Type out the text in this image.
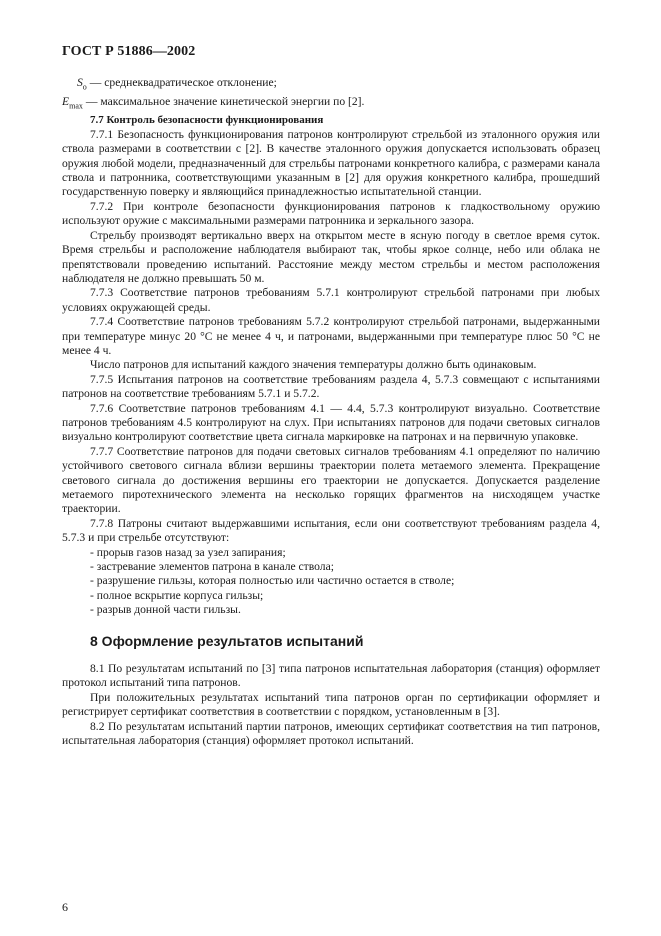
ГОСТ Р 51886—2002
$S_о$ — среднеквадратическое отклонение;
$E_{max}$ — максимальное значение кинетической энергии по [2].
7.7 Контроль безопасности функционирования

7.7.1 Безопасность функционирования патронов контролируют стрельбой из эталонного оружия или ствола размерами в соответствии с [2]. В качестве эталонного оружия допускается использовать образец оружия любой модели, предназначенный для стрельбы патронами конкретного калибра, с размерами канала ствола и патронника, соответствующими указанным в [2] для оружия конкретного калибра, прошедший государственную поверку и являющийся принадлежностью испытательной станции.

7.7.2 При контроле безопасности функционирования патронов к гладкоствольному оружию используют оружие с максимальными размерами патронника и зеркального зазора.

Стрельбу производят вертикально вверх на открытом месте в ясную погоду в светлое время суток. Время стрельбы и расположение наблюдателя выбирают так, чтобы яркое солнце, небо или облака не препятствовали проведению испытаний. Расстояние между местом стрельбы и местом расположения наблюдателя не должно превышать 50 м.

7.7.3 Соответствие патронов требованиям 5.7.1 контролируют стрельбой патронами при любых условиях окружающей среды.

7.7.4 Соответствие патронов требованиям 5.7.2 контролируют стрельбой патронами, выдержанными при температуре минус 20 °С не менее 4 ч, и патронами, выдержанными при температуре плюс 50 °С не менее 4 ч.

Число патронов для испытаний каждого значения температуры должно быть одинаковым.

7.7.5 Испытания патронов на соответствие требованиям раздела 4, 5.7.3 совмещают с испытаниями патронов на соответствие требованиям 5.7.1 и 5.7.2.

7.7.6 Соответствие патронов требованиям 4.1 — 4.4, 5.7.3 контролируют визуально. Соответствие патронов требованиям 4.5 контролируют на слух. При испытаниях патронов для подачи световых сигналов визуально контролируют соответствие цвета сигнала маркировке на патронах и на первичную упаковке.

7.7.7 Соответствие патронов для подачи световых сигналов требованиям 4.1 определяют по наличию устойчивого светового сигнала вблизи вершины траектории полета метаемого элемента. Прекращение светового сигнала до достижения вершины его траектории не допускается. Допускается разделение метаемого пиротехнического элемента на несколько горящих фрагментов на нисходящем участке траектории.

7.7.8 Патроны считают выдержавшими испытания, если они соответствуют требованиям раздела 4, 5.7.3 и при стрельбе отсутствуют:

- прорыв газов назад за узел запирания;

- застревание элементов патрона в канале ствола;

- разрушение гильзы, которая полностью или частично остается в стволе;

- полное вскрытие корпуса гильзы;

- разрыв донной части гильзы.

8 Оформление результатов испытаний

8.1 По результатам испытаний по [3] типа патронов испытательная лаборатория (станция) оформляет протокол испытаний типа патронов.

При положительных результатах испытаний типа патронов орган по сертификации оформляет и регистрирует сертификат соответствия в соответствии с порядком, установленным в [3].

8.2 По результатам испытаний партии патронов, имеющих сертификат соответствия на тип патронов, испытательная лаборатория (станция) оформляет протокол испытаний.

6
